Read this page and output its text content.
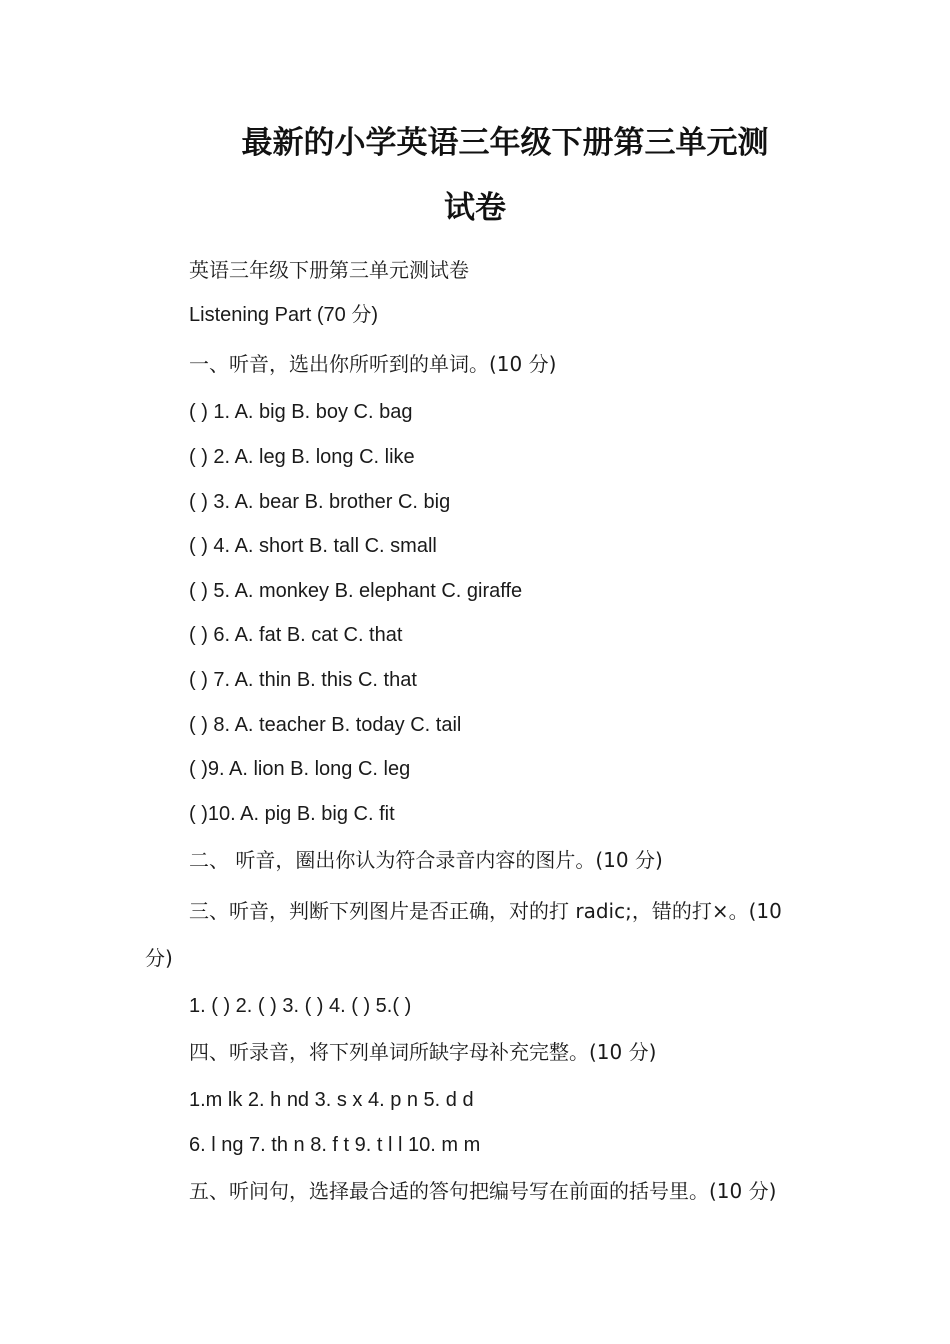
最新的小学英语三年级下册第三单元测
试卷
英语三年级下册第三单元测试卷
Listening Part (70 分)
一、听音，选出你所听到的单词。(10 分)
( ) 1. A. big B. boy C. bag
( ) 2. A. leg B. long C. like
( ) 3. A. bear B. brother C. big
( ) 4. A. short B. tall C. small
( ) 5. A. monkey B. elephant C. giraffe
( ) 6. A. fat B. cat C. that
( ) 7. A. thin B. this C. that
( ) 8. A. teacher B. today C. tail
( )9. A. lion B. long C. leg
( )10. A. pig B. big C. fit
二、 听音，圈出你认为符合录音内容的图片。(10 分)
三、听音，判断下列图片是否正确，对的打 radic;，错的打×。(10
分)
1. ( ) 2. ( ) 3. ( ) 4. ( ) 5.( )
四、听录音，将下列单词所缺字母补充完整。(10 分)
1.m lk 2. h nd 3. s x 4. p n 5. d d
6. l ng 7. th n 8. f t 9. t l l 10. m m
五、听问句，选择最合适的答句把编号写在前面的括号里。(10 分)
